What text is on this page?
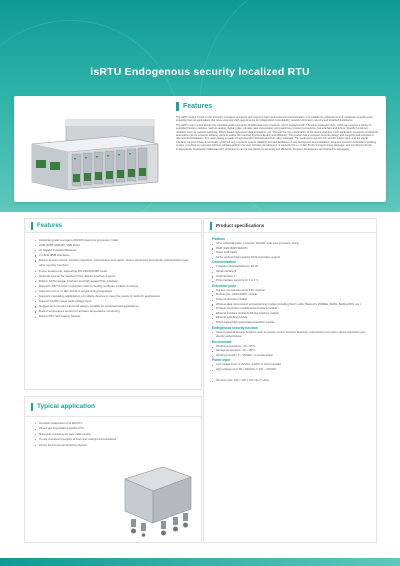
isRTU Endogenous security localized RTU
Features

The isRTU series is built on the domestic Loongson processor and supports high-speed network communication. It is suitable for industrial control, industrial computing and industrial Internet applications that have extremely high requirements for independent controllability, network information security and localized substitution.

The isRTU main control adopts the industrial-grade Loongson 2K1000 dual-core processor, and is equipped with 7 function expansion slots, which can support a variety of extended function modules, such as analog, digital, pulse, wireless data transmission and positioning, protocol conversion, bus interface and others. Specific functional modules, such as network switching, FPGA-based high-speed data acquisition, etc. Through the free combination of the above modules, most application scenarios of industrial automation can be covered, allowing users to realize the required functions flexibly and efficiently. The product has a compact structure design and supports wall-mounted or rail-mounted installation. The outer casing is made of high-strength industrial aluminum alloy materials. The equipment supports AC and DC power input, and the signal interface supports Phoenix terminals, which not only improves system reliability, but also facilitates on-site deployment and installation. Supports Linux3.0 embedded operating system, providing an open and efficient software platform for user software development. It supports C/C++ or IEC 61131-3 programming language, and combined with the independently developed middleware API, applications can be completed conveniently and efficiently. Program development and interactive debugging.

Features
Industrial-grade Loongson 2K1000 dual-core processor, 1GHz
2GB DDR3 SDRAM, 1GB Flash
2x Gigabit Industrial Ethernet
2 CAN2.0B/B interfaces
Built-in access control, intrusion detection, transmission encryption, device admission and identity authentication and other security functions
8 user serial ports, supporting RS-232/422/485 mode
Optional support for standard VGA display interface support
Built-in SATA storage interface and high-speed PCIe interface
Supports 2/5/7 function expansion slots to flexibly configure multiple functions
Supports C/C++ or IEC 61131-3 programming languages
Supports cascading applications of multiple devices to meet the needs of multi-I/O applications
Support AC/DC power wide voltage input
Rugged and compact structural design, suitable for industrial field applications
Built-in temperature sensor for ambient temperature monitoring
Built-in RTC with battery backup
Product specifications
Platform
CPU: industrial grade "Loongson 2K1000" dual-core processor, 1GHz
RAM: 2GB DDR3 SDRAM
Flash: 1GB Flash
SATA: optional high-capacity SATA secondary support
Communication
2 Gigabit Industrial Ethernet, RJ-45
Serial interface 8
CAN interface 2
PCIe interface supports 4x"1 or 1"4
Extension ports
Number of expansion slots 2/5/7 optional
Module type: AI/AO/DI/DO module
Pulse input/output module
Wireless data transmission and positioning module (including Wi-Fi, LoRa, Bluetooth, ZIGBEE, 4G/5G, BeiDou/GPS, etc.)
Protocol conversion module/serial interface module
Ethernet interface module/CAN bus interface module
Ethernet switching module
FPGA-based high-speed data acquisition module
Endogenous security function
Various network security functions such as access control, intrusion detection, transmission encryption, device admission and identity authentication
Environment
Working temperature: -40 ~ 85°C
Storage temperature: -50 ~ 85°C
Working humidity: 5 ~ 95%RH, no condensation
Power input
Low voltage input: 9~60VDC, 24VDC is recommended
High voltage input: 85 ~ 264VAC or 100 ~ 370VDC
Structure size: 240 × 135 × 100 mm (7 slots)
Typical application
Domestic replacement of oil field RTU
Oil and gas long-distance pipeline RTU
Multi-node monitoring of power cable tunnels
On-site centralized operation of coal mine underground substations
Armory Environmental Monitoring System
